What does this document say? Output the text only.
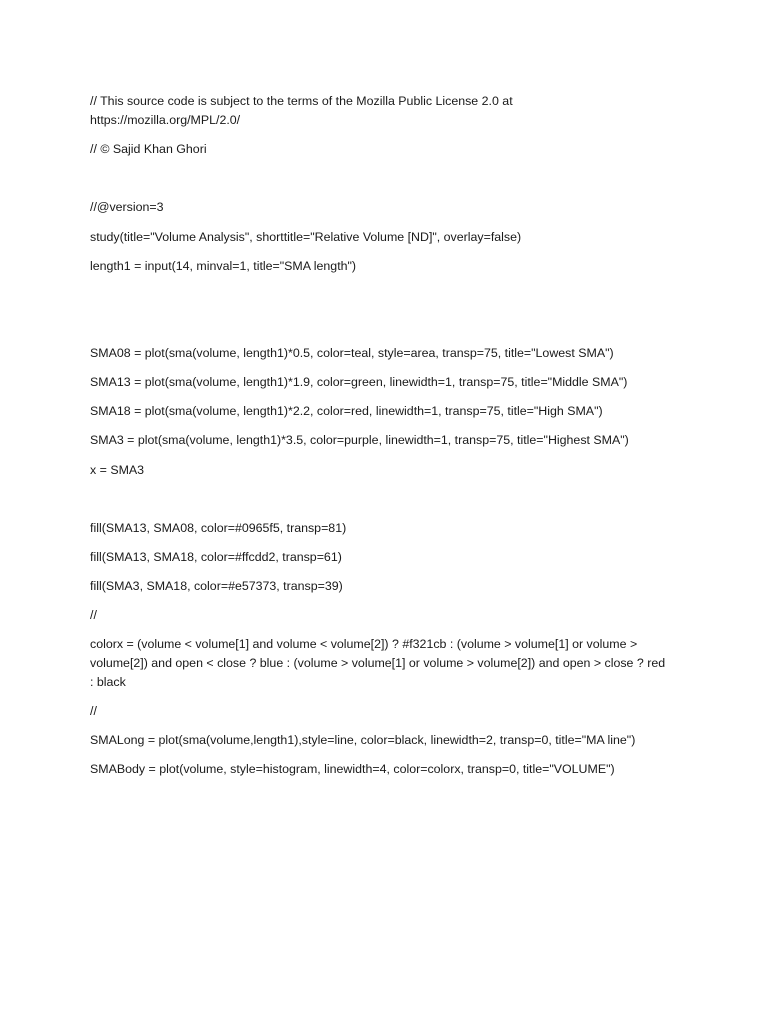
// This source code is subject to the terms of the Mozilla Public License 2.0 at
https://mozilla.org/MPL/2.0/

// © Sajid Khan Ghori

//@version=3

study(title="Volume Analysis", shorttitle="Relative Volume [ND]", overlay=false)

length1 = input(14, minval=1, title="SMA length")

SMA08 = plot(sma(volume, length1)*0.5, color=teal, style=area, transp=75, title="Lowest SMA")

SMA13 = plot(sma(volume, length1)*1.9, color=green, linewidth=1, transp=75, title="Middle SMA")

SMA18 = plot(sma(volume, length1)*2.2, color=red, linewidth=1, transp=75, title="High SMA")

SMA3 = plot(sma(volume, length1)*3.5, color=purple, linewidth=1, transp=75, title="Highest SMA")

x = SMA3

fill(SMA13, SMA08, color=#0965f5, transp=81)

fill(SMA13, SMA18, color=#ffcdd2, transp=61)

fill(SMA3, SMA18, color=#e57373, transp=39)

//

colorx = (volume < volume[1] and volume < volume[2]) ? #f321cb : (volume > volume[1] or volume >
volume[2]) and open < close ? blue : (volume > volume[1] or volume > volume[2]) and open > close ? red
: black

//

SMALong = plot(sma(volume,length1),style=line, color=black, linewidth=2, transp=0, title="MA line")

SMABody = plot(volume, style=histogram, linewidth=4, color=colorx, transp=0, title="VOLUME")
